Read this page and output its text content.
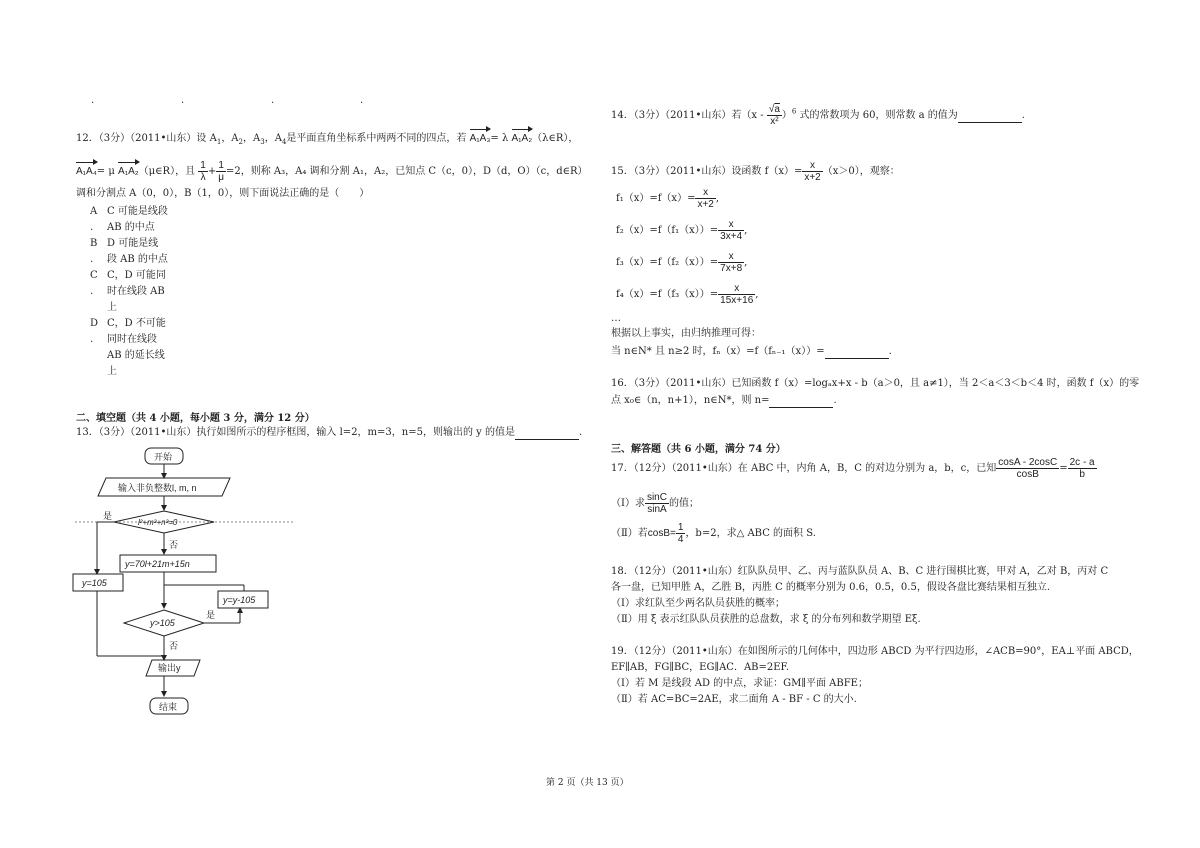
.	.	.	.
12．（3分）（2011•山东）设 $A_1$，$A_2$，$A_3$，$A_4$是平面直角坐标系中两两不同的四点，若 A₁A₃= λ A₁A₂（λ∈R），
A₁A₄= μ A₁A₂（μ∈R），且 $\frac{1}{\lambda} + \frac{1}{\mu} =2$，则称 A₃，A₄ 调和分割 A₁，A₂，已知点 C（c，0），D（d，O）（c，d∈R）
调和分割点 A（0，0），B（1，0），则下面说法正确的是（　　）
A C 可能是线段
. AB 的中点
B D 可能是线
. 段 AB 的中点
C C，D 可能同
. 时在线段 AB
上
D C，D 不可能
. 同时在线段
AB 的延长线
上
二、填空题（共 4 小题，每小题 3 分，满分 12 分）
13．（3分）（2011•山东）执行如图所示的程序框图，输入 l=2，m=3，n=5，则输出的 y 的值是	.
开始
输入非负整数l, m, n
l²+m²+n²=0
是
否
y=70l+21m+15n
y=105
y=y-105
y>105
是
否
输出y
结束
14．（3分）（2011•山东）若$(x - \frac{√a}{\text{x²}} )^6$ 式的常数项为 60，则常数 a 的值为	.
15．（3分）（2011•山东）设函数 $f(x)= \frac{x}{x+2} (x>0)$，观察：
$f_1(x)=f(x)= \frac{x}{x+2}$ ,
$f_2(x)=f(f_1(x))= \frac{x}{3x+4}$ ,
$f_3(x)=f(f_2(x))= \frac{x}{7x+8}$ ,
$f_4(x)=f(f_3(x))= \frac{x}{15x+16}$ ,
…
根据以上事实，由归纳推理可得：
当 n∈N* 且 n≥2 时，fₙ（x）=f（fₙ₋₁（x））=	.
16．（3分）（2011•山东）已知函数 f（x）=logₐx+x - b（a＞0，且 a≠1），当 2＜a＜3＜b＜4 时，函数 f（x）的零
点 x₀∈（n，n+1），n∈N*，则 n=	.
三、解答题（共 6 小题，满分 74 分）
17．（12分）（2011•山东）在 ABC 中，内角 A，B，C 的对边分别为 a，b，c，已知 $\frac{\cos A - 2\cos C}{\cos B} = \frac{2c - a}{b}$
（Ⅰ）求 $\frac{\sin C}{\sin A}$ 的值；
（Ⅱ）若$\cos B= \frac{1}{4}$ ，b=2，求△ ABC 的面积 S.
18．（12分）（2011•山东）红队队员甲、乙、丙与蓝队队员 A、B、C 进行围棋比赛，甲对 A，乙对 B，丙对 C
各一盘，已知甲胜 A，乙胜 B，丙胜 C 的概率分别为 0.6，0.5，0.5，假设各盘比赛结果相互独立.
（Ⅰ）求红队至少两名队员获胜的概率；
（Ⅱ）用 ξ 表示红队队员获胜的总盘数，求 ξ 的分布列和数学期望 Eξ.
19．（12分）（2011•山东）在如图所示的几何体中，四边形 ABCD 为平行四边形，∠ACB=90°，EA⊥平面 ABCD，
EF∥AB，FG∥BC，EG∥AC．AB=2EF.
（Ⅰ）若 M 是线段 AD 的中点，求证：GM∥平面 ABFE；
（Ⅱ）若 AC=BC=2AE，求二面角 A - BF - C 的大小.
第 2 页（共 13 页）
